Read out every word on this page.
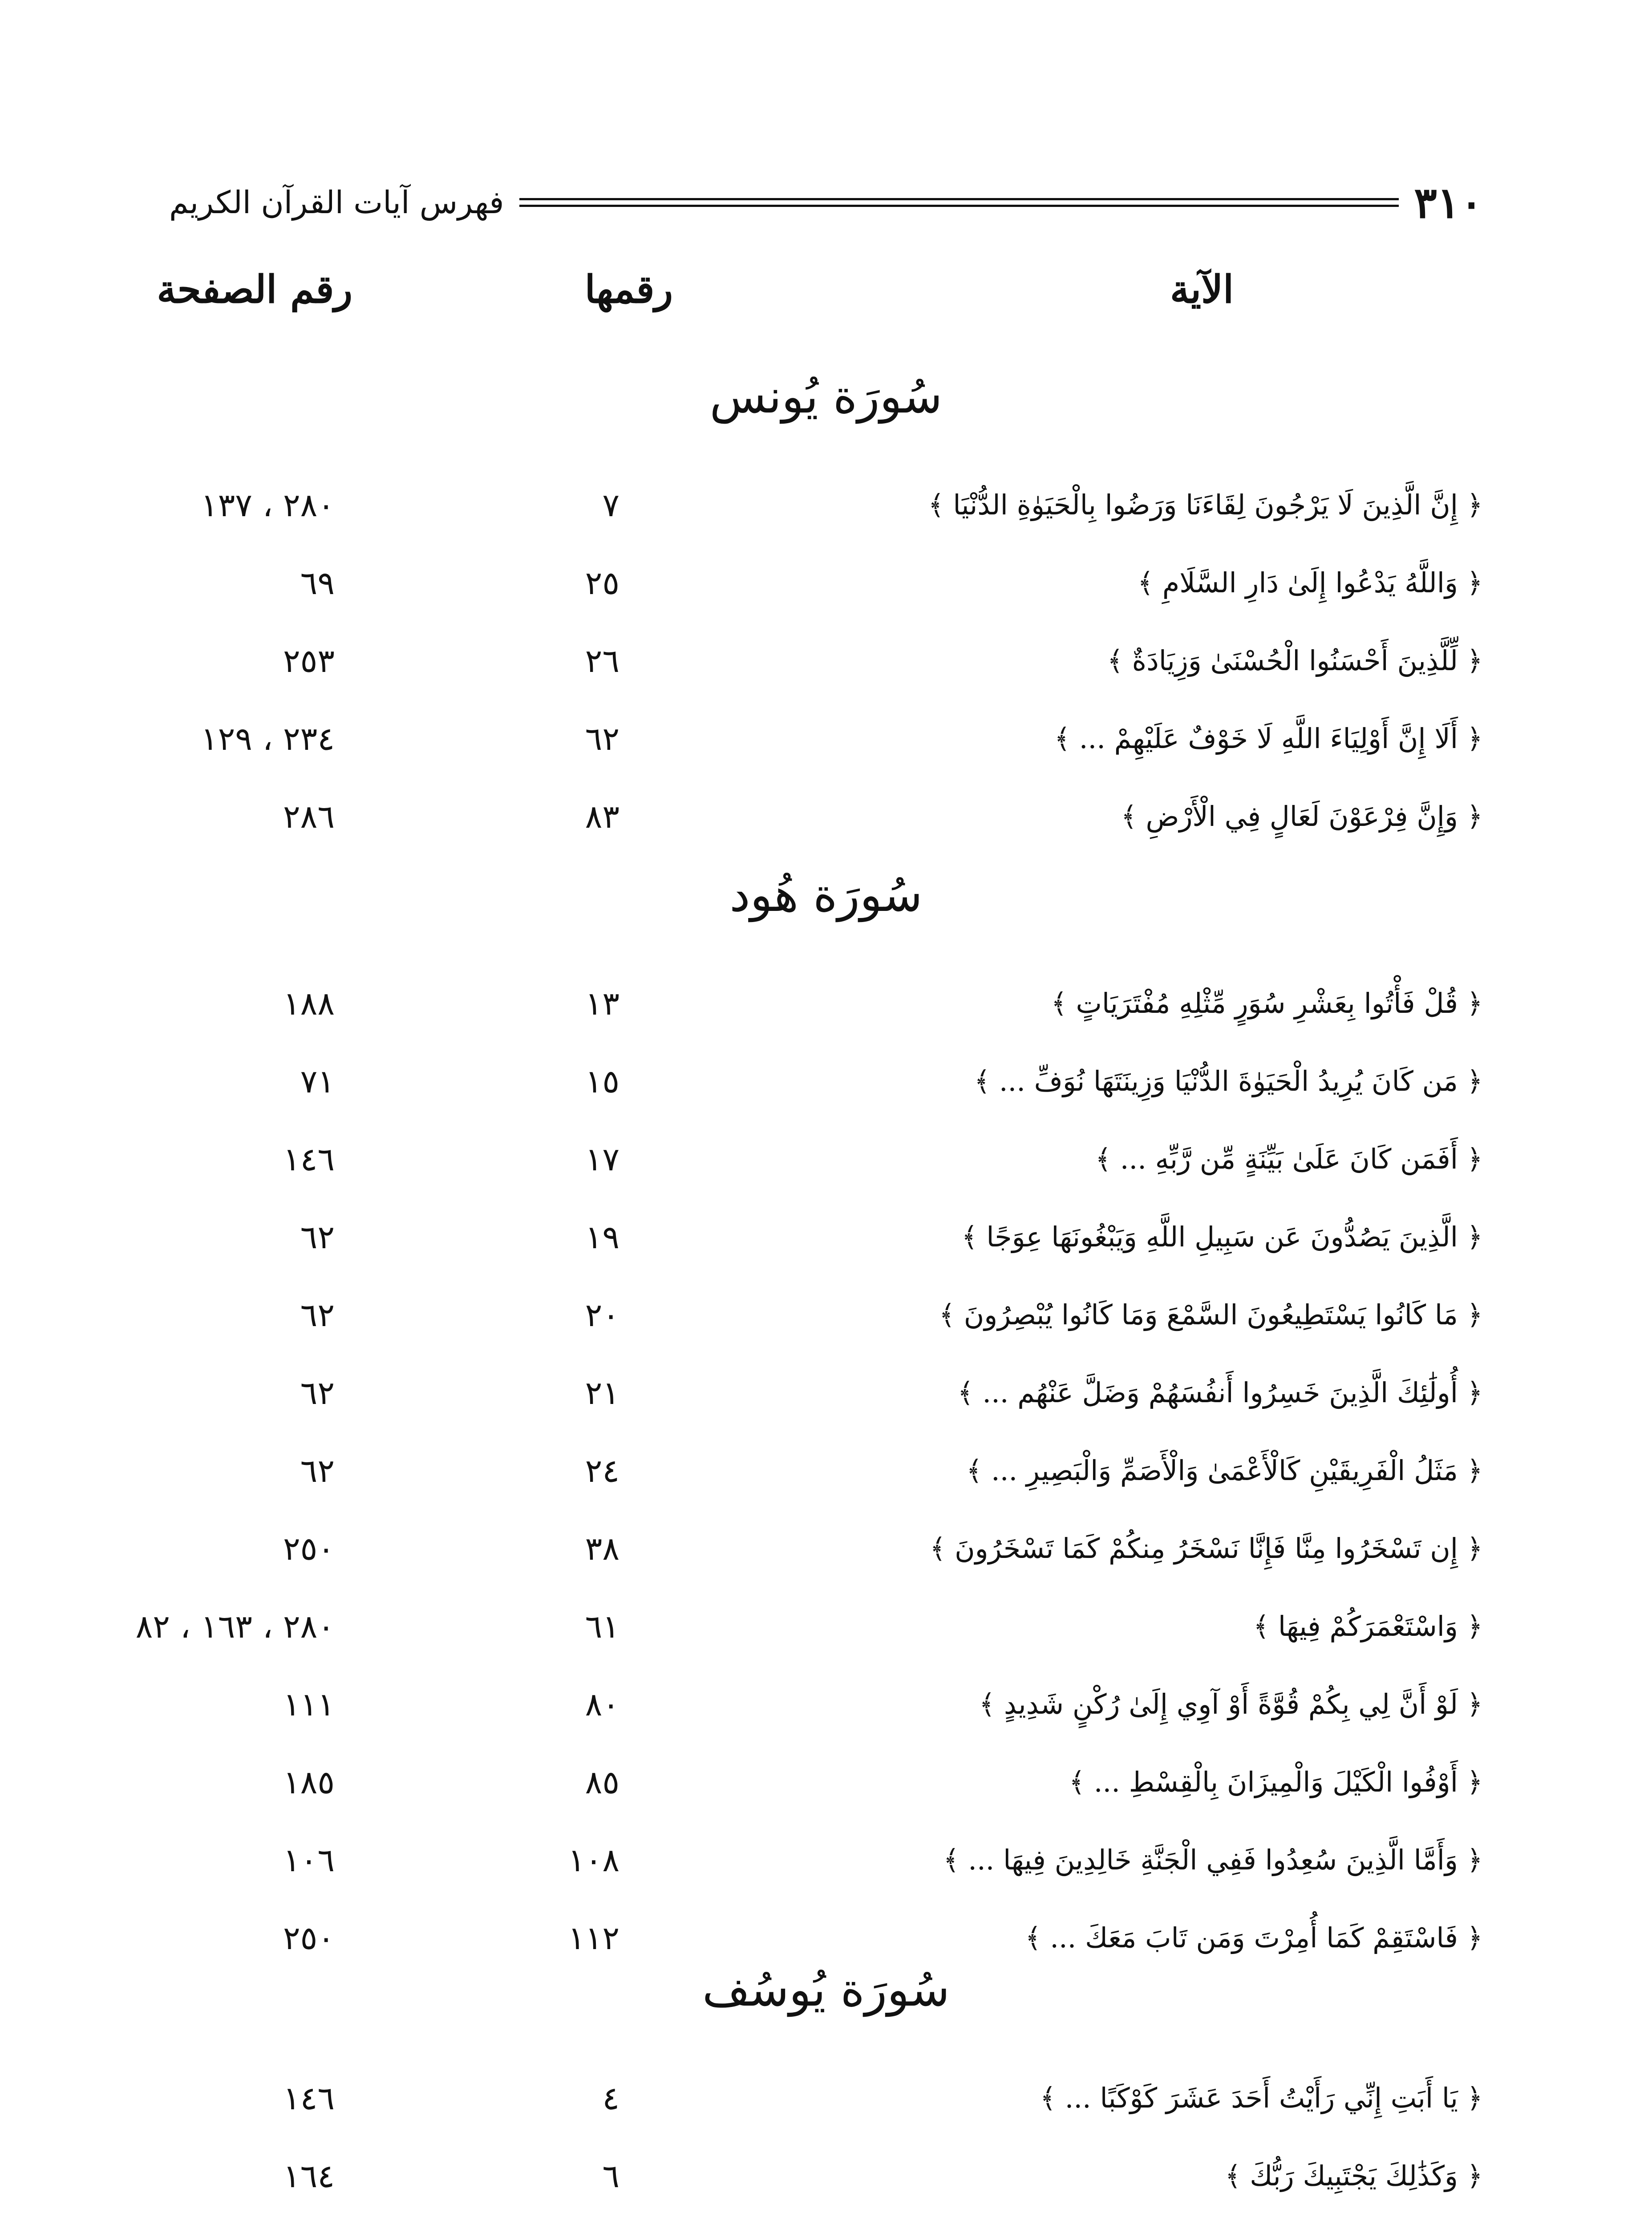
٣١٠
فهرس آيات القرآن الكريم
الآية
رقمها
رقم الصفحة
سُورَة يُونس
﴿ إِنَّ الَّذِينَ لَا يَرْجُونَ لِقَاءَنَا وَرَضُوا بِالْحَيَوٰةِ الدُّنْيَا ﴾
٧
٢٨٠ ، ١٣٧
﴿ وَاللَّهُ يَدْعُوا إِلَىٰ دَارِ السَّلَامِ ﴾
٢٥
٦٩
﴿ لِّلَّذِينَ أَحْسَنُوا الْحُسْنَىٰ وَزِيَادَةٌ ﴾
٢٦
٢٥٣
﴿ أَلَا إِنَّ أَوْلِيَاءَ اللَّهِ لَا خَوْفٌ عَلَيْهِمْ ... ﴾
٦٢
٢٣٤ ، ١٢٩
﴿ وَإِنَّ فِرْعَوْنَ لَعَالٍ فِي الْأَرْضِ ﴾
٨٣
٢٨٦
سُورَة هُود
﴿ قُلْ فَأْتُوا بِعَشْرِ سُوَرٍ مِّثْلِهِ مُفْتَرَيَاتٍ ﴾
١٣
١٨٨
﴿ مَن كَانَ يُرِيدُ الْحَيَوٰةَ الدُّنْيَا وَزِينَتَهَا نُوَفِّ ... ﴾
١٥
٧١
﴿ أَفَمَن كَانَ عَلَىٰ بَيِّنَةٍ مِّن رَّبِّهِ ... ﴾
١٧
١٤٦
﴿ الَّذِينَ يَصُدُّونَ عَن سَبِيلِ اللَّهِ وَيَبْغُونَهَا عِوَجًا ﴾
١٩
٦٢
﴿ مَا كَانُوا يَسْتَطِيعُونَ السَّمْعَ وَمَا كَانُوا يُبْصِرُونَ ﴾
٢٠
٦٢
﴿ أُولَٰئِكَ الَّذِينَ خَسِرُوا أَنفُسَهُمْ وَضَلَّ عَنْهُم ... ﴾
٢١
٦٢
﴿ مَثَلُ الْفَرِيقَيْنِ كَالْأَعْمَىٰ وَالْأَصَمِّ وَالْبَصِيرِ ... ﴾
٢٤
٦٢
﴿ إِن تَسْخَرُوا مِنَّا فَإِنَّا نَسْخَرُ مِنكُمْ كَمَا تَسْخَرُونَ ﴾
٣٨
٢٥٠
﴿ وَاسْتَعْمَرَكُمْ فِيهَا ﴾
٦١
٢٨٠ ، ١٦٣ ، ٨٢
﴿ لَوْ أَنَّ لِي بِكُمْ قُوَّةً أَوْ آوِي إِلَىٰ رُكْنٍ شَدِيدٍ ﴾
٨٠
١١١
﴿ أَوْفُوا الْكَيْلَ وَالْمِيزَانَ بِالْقِسْطِ ... ﴾
٨٥
١٨٥
﴿ وَأَمَّا الَّذِينَ سُعِدُوا فَفِي الْجَنَّةِ خَالِدِينَ فِيهَا ... ﴾
١٠٨
١٠٦
﴿ فَاسْتَقِمْ كَمَا أُمِرْتَ وَمَن تَابَ مَعَكَ ... ﴾
١١٢
٢٥٠
سُورَة يُوسُف
﴿ يَا أَبَتِ إِنِّي رَأَيْتُ أَحَدَ عَشَرَ كَوْكَبًا ... ﴾
٤
١٤٦
﴿ وَكَذَٰلِكَ يَجْتَبِيكَ رَبُّكَ ﴾
٦
١٦٤
